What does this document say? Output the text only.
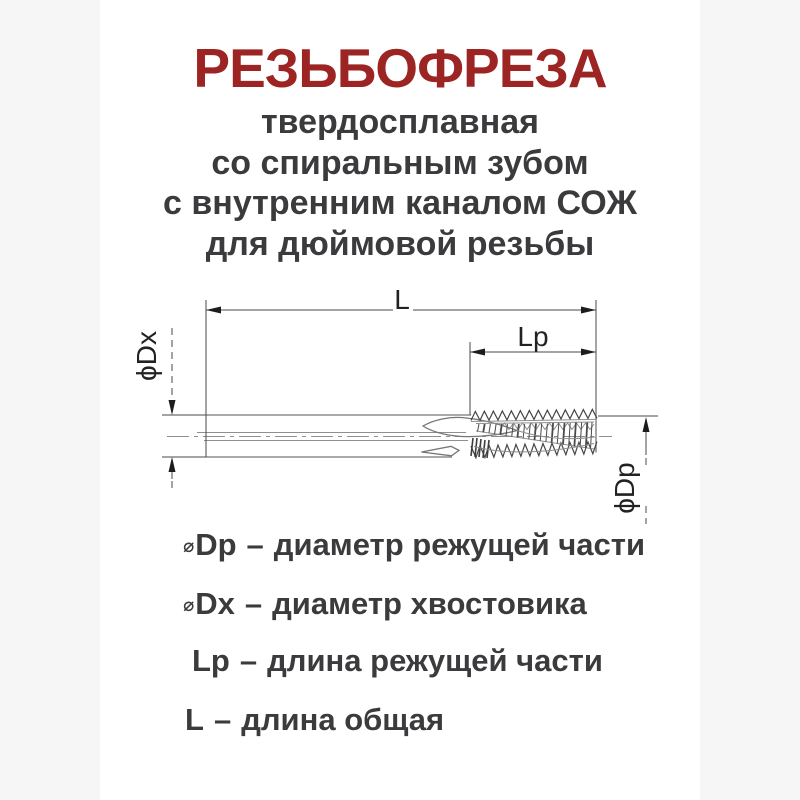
РЕЗЬБОФРЕЗА
твердосплавная
со спиральным зубом
с внутренним каналом СОЖ
для дюймовой резьбы
⌀Dp – диаметр режущей части
⌀Dx – диаметр хвостовика
Lp – длина режущей части
L – длина общая
L
Lp
ϕDx
ϕDp
